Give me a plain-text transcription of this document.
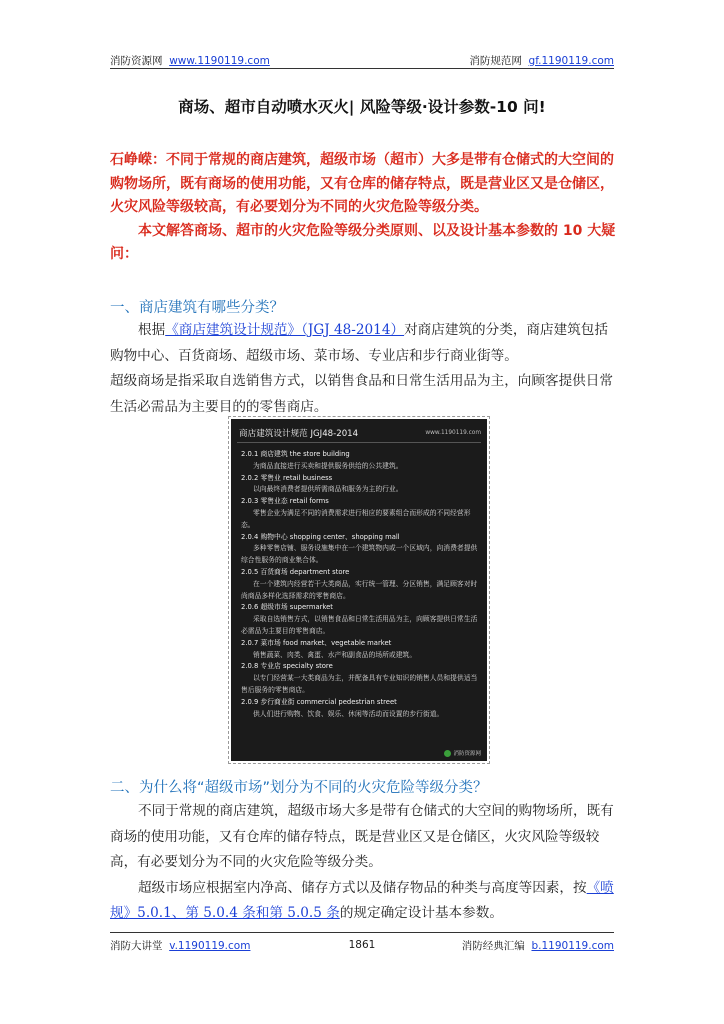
消防资源网 www.1190119.com	消防规范网 gf.1190119.com
商场、超市自动喷水灭火| 风险等级·设计参数-10 问!

石峥嵘：不同于常规的商店建筑，超级市场（超市）大多是带有仓储式的大空间的购物场所，既有商场的使用功能，又有仓库的储存特点，既是营业区又是仓储区，火灾风险等级较高，有必要划分为不同的火灾危险等级分类。

本文解答商场、超市的火灾危险等级分类原则、以及设计基本参数的 10 大疑问：

一、商店建筑有哪些分类？

根据《商店建筑设计规范》（JGJ 48-2014）对商店建筑的分类，商店建筑包括购物中心、百货商场、超级市场、菜市场、专业店和步行商业街等。

超级商场是指采取自选销售方式，以销售食品和日常生活用品为主，向顾客提供日常生活必需品为主要目的的零售商店。

商店建筑设计规范 JGJ48-2014	www.1190119.com
2.0.1 商店建筑 the store building
为商品直接进行买卖和提供服务供给的公共建筑。
2.0.2 零售业 retail business
以向最终消费者提供所需商品和服务为主的行业。
2.0.3 零售业态 retail forms
零售企业为满足不同的消费需求进行相应的要素组合而形成的不同经营形态。
2.0.4 购物中心 shopping center、shopping mall
多种零售店铺、服务设施集中在一个建筑物内或一个区域内，向消费者提供综合性服务的商业集合体。
2.0.5 百货商场 department store
在一个建筑内经营若干大类商品，实行统一管理、分区销售，满足顾客对时尚商品多样化选择需求的零售商店。
2.0.6 超级市场 supermarket
采取自选销售方式，以销售食品和日常生活用品为主，向顾客提供日常生活必需品为主要目的零售商店。
2.0.7 菜市场 food market、vegetable market
销售蔬菜、肉类、禽蛋、水产和副食品的场所或建筑。
2.0.8 专业店 specialty store
以专门经营某一大类商品为主，并配备具有专业知识的销售人员和提供适当售后服务的零售商店。
2.0.9 步行商业街 commercial pedestrian street
供人们进行购物、饮食、娱乐、休闲等活动而设置的步行街道。
消防资源网
二、为什么将“超级市场”划分为不同的火灾危险等级分类？

不同于常规的商店建筑，超级市场大多是带有仓储式的大空间的购物场所，既有商场的使用功能，又有仓库的储存特点，既是营业区又是仓储区，火灾风险等级较高，有必要划分为不同的火灾危险等级分类。

超级市场应根据室内净高、储存方式以及储存物品的种类与高度等因素，按《喷规》5.0.1、第 5.0.4 条和第 5.0.5 条的规定确定设计基本参数。

消防大讲堂 v.1190119.com	1861	消防经典汇编 b.1190119.com
